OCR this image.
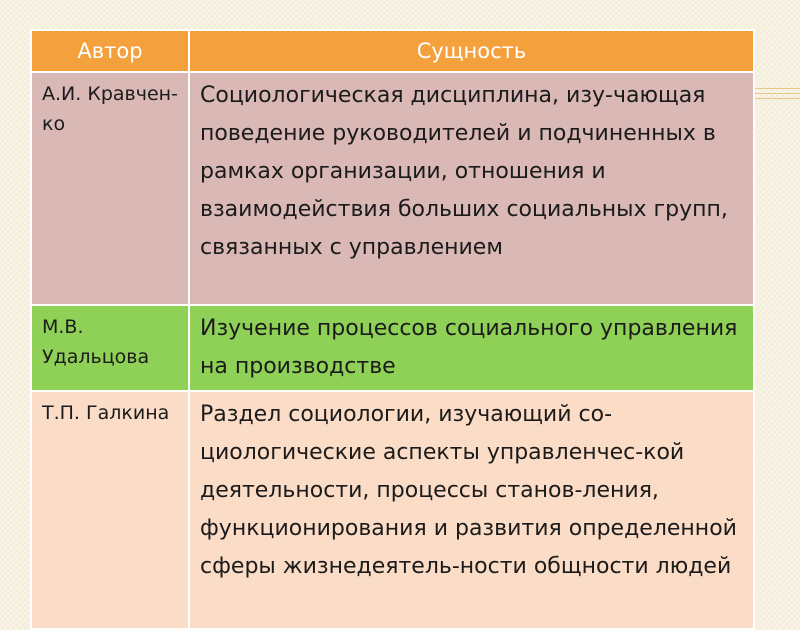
Автор	Сущность
А.И. Кравчен-ко	Социологическая дисциплина, изу-чающая поведение руководителей и подчиненных в рамках организации, отношения и взаимодействия больших социальных групп, связанных с управлением
М.В. Удальцова	Изучение процессов социального управления на производстве
Т.П. Галкина	Раздел социологии, изучающий со-циологические аспекты управленчес-кой деятельности, процессы станов-ления, функционирования и развития определенной сферы жизнедеятель-ности общности людей
